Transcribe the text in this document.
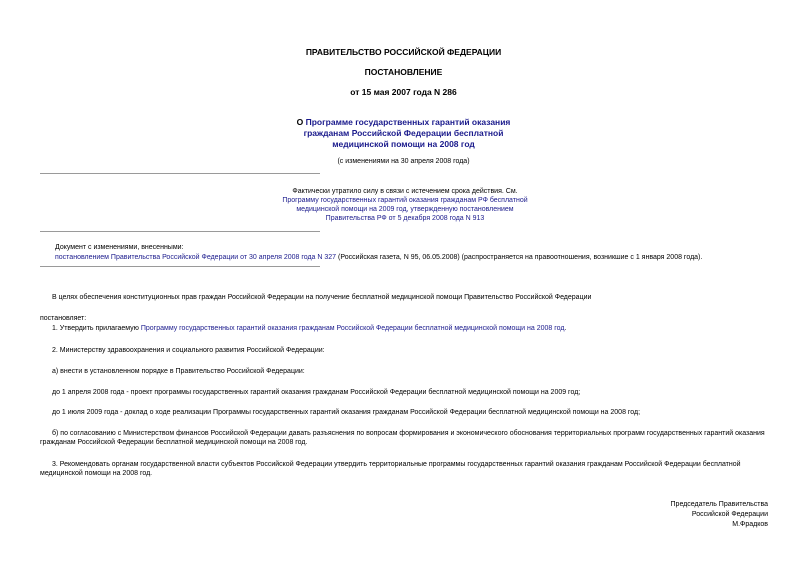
ПРАВИТЕЛЬСТВО РОССИЙСКОЙ ФЕДЕРАЦИИ
ПОСТАНОВЛЕНИЕ
от 15 мая 2007 года N 286
О Программе государственных гарантий оказания
гражданам Российской Федерации бесплатной
медицинской помощи на 2008 год
(с изменениями на 30 апреля 2008 года)
Фактически утратило силу в связи с истечением срока действия. См.
Программу государственных гарантий оказания гражданам РФ бесплатной
медицинской помощи на 2009 год, утвержденную постановлением
Правительства РФ от 5 декабря 2008 года N 913
Документ с изменениями, внесенными:
постановлением Правительства Российской Федерации от 30 апреля 2008 года N 327 (Российская газета, N 95, 06.05.2008) (распространяется на правоотношения, возникшие с 1 января 2008 года).
В целях обеспечения конституционных прав граждан Российской Федерации на получение бесплатной медицинской помощи Правительство Российской Федерации
постановляет:
1. Утвердить прилагаемую Программу государственных гарантий оказания гражданам Российской Федерации бесплатной медицинской помощи на 2008 год.
2. Министерству здравоохранения и социального развития Российской Федерации:
а) внести в установленном порядке в Правительство Российской Федерации:
до 1 апреля 2008 года - проект программы государственных гарантий оказания гражданам Российской Федерации бесплатной медицинской помощи на 2009 год;
до 1 июля 2009 года - доклад о ходе реализации Программы государственных гарантий оказания гражданам Российской Федерации бесплатной медицинской помощи на 2008 год;
б) по согласованию с Министерством финансов Российской Федерации давать разъяснения по вопросам формирования и экономического обоснования территориальных программ государственных гарантий оказания гражданам Российской Федерации бесплатной медицинской помощи на 2008 год.
3. Рекомендовать органам государственной власти субъектов Российской Федерации утвердить территориальные программы государственных гарантий оказания гражданам Российской Федерации бесплатной медицинской помощи на 2008 год.
Председатель Правительства
Российской Федерации
М.Фрадков
